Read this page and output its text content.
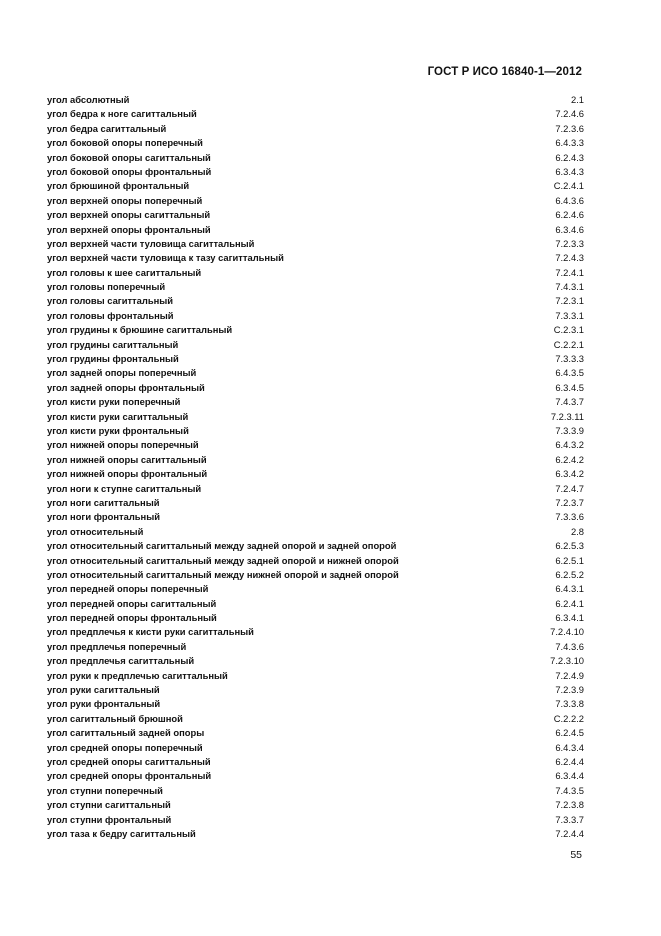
ГОСТ Р ИСО 16840-1—2012
угол абсолютный	2.1
угол бедра к ноге сагиттальный	7.2.4.6
угол бедра сагиттальный	7.2.3.6
угол боковой опоры поперечный	6.4.3.3
угол боковой опоры сагиттальный	6.2.4.3
угол боковой опоры фронтальный	6.3.4.3
угол брюшиной фронтальный	С.2.4.1
угол верхней опоры поперечный	6.4.3.6
угол верхней опоры сагиттальный	6.2.4.6
угол верхней опоры фронтальный	6.3.4.6
угол верхней части туловища сагиттальный	7.2.3.3
угол верхней части туловища к тазу сагиттальный	7.2.4.3
угол головы к шее сагиттальный	7.2.4.1
угол головы поперечный	7.4.3.1
угол головы сагиттальный	7.2.3.1
угол головы фронтальный	7.3.3.1
угол грудины к брюшине сагиттальный	С.2.3.1
угол грудины сагиттальный	С.2.2.1
угол грудины фронтальный	7.3.3.3
угол задней опоры поперечный	6.4.3.5
угол задней опоры фронтальный	6.3.4.5
угол кисти руки поперечный	7.4.3.7
угол кисти руки сагиттальный	7.2.3.11
угол кисти руки фронтальный	7.3.3.9
угол нижней опоры поперечный	6.4.3.2
угол нижней опоры сагиттальный	6.2.4.2
угол нижней опоры фронтальный	6.3.4.2
угол ноги к ступне сагиттальный	7.2.4.7
угол ноги сагиттальный	7.2.3.7
угол ноги фронтальный	7.3.3.6
угол относительный	2.8
угол относительный сагиттальный между задней опорой и задней опорой	6.2.5.3
угол относительный сагиттальный между задней опорой и нижней опорой	6.2.5.1
угол относительный сагиттальный между нижней опорой и задней опорой	6.2.5.2
угол передней опоры поперечный	6.4.3.1
угол передней опоры сагиттальный	6.2.4.1
угол передней опоры фронтальный	6.3.4.1
угол предплечья к кисти руки сагиттальный	7.2.4.10
угол предплечья поперечный	7.4.3.6
угол предплечья сагиттальный	7.2.3.10
угол руки к предплечью сагиттальный	7.2.4.9
угол руки сагиттальный	7.2.3.9
угол руки фронтальный	7.3.3.8
угол сагиттальный брюшной	С.2.2.2
угол сагиттальный задней опоры	6.2.4.5
угол средней опоры поперечный	6.4.3.4
угол средней опоры сагиттальный	6.2.4.4
угол средней опоры фронтальный	6.3.4.4
угол ступни поперечный	7.4.3.5
угол ступни сагиттальный	7.2.3.8
угол ступни фронтальный	7.3.3.7
угол таза к бедру сагиттальный	7.2.4.4
55
